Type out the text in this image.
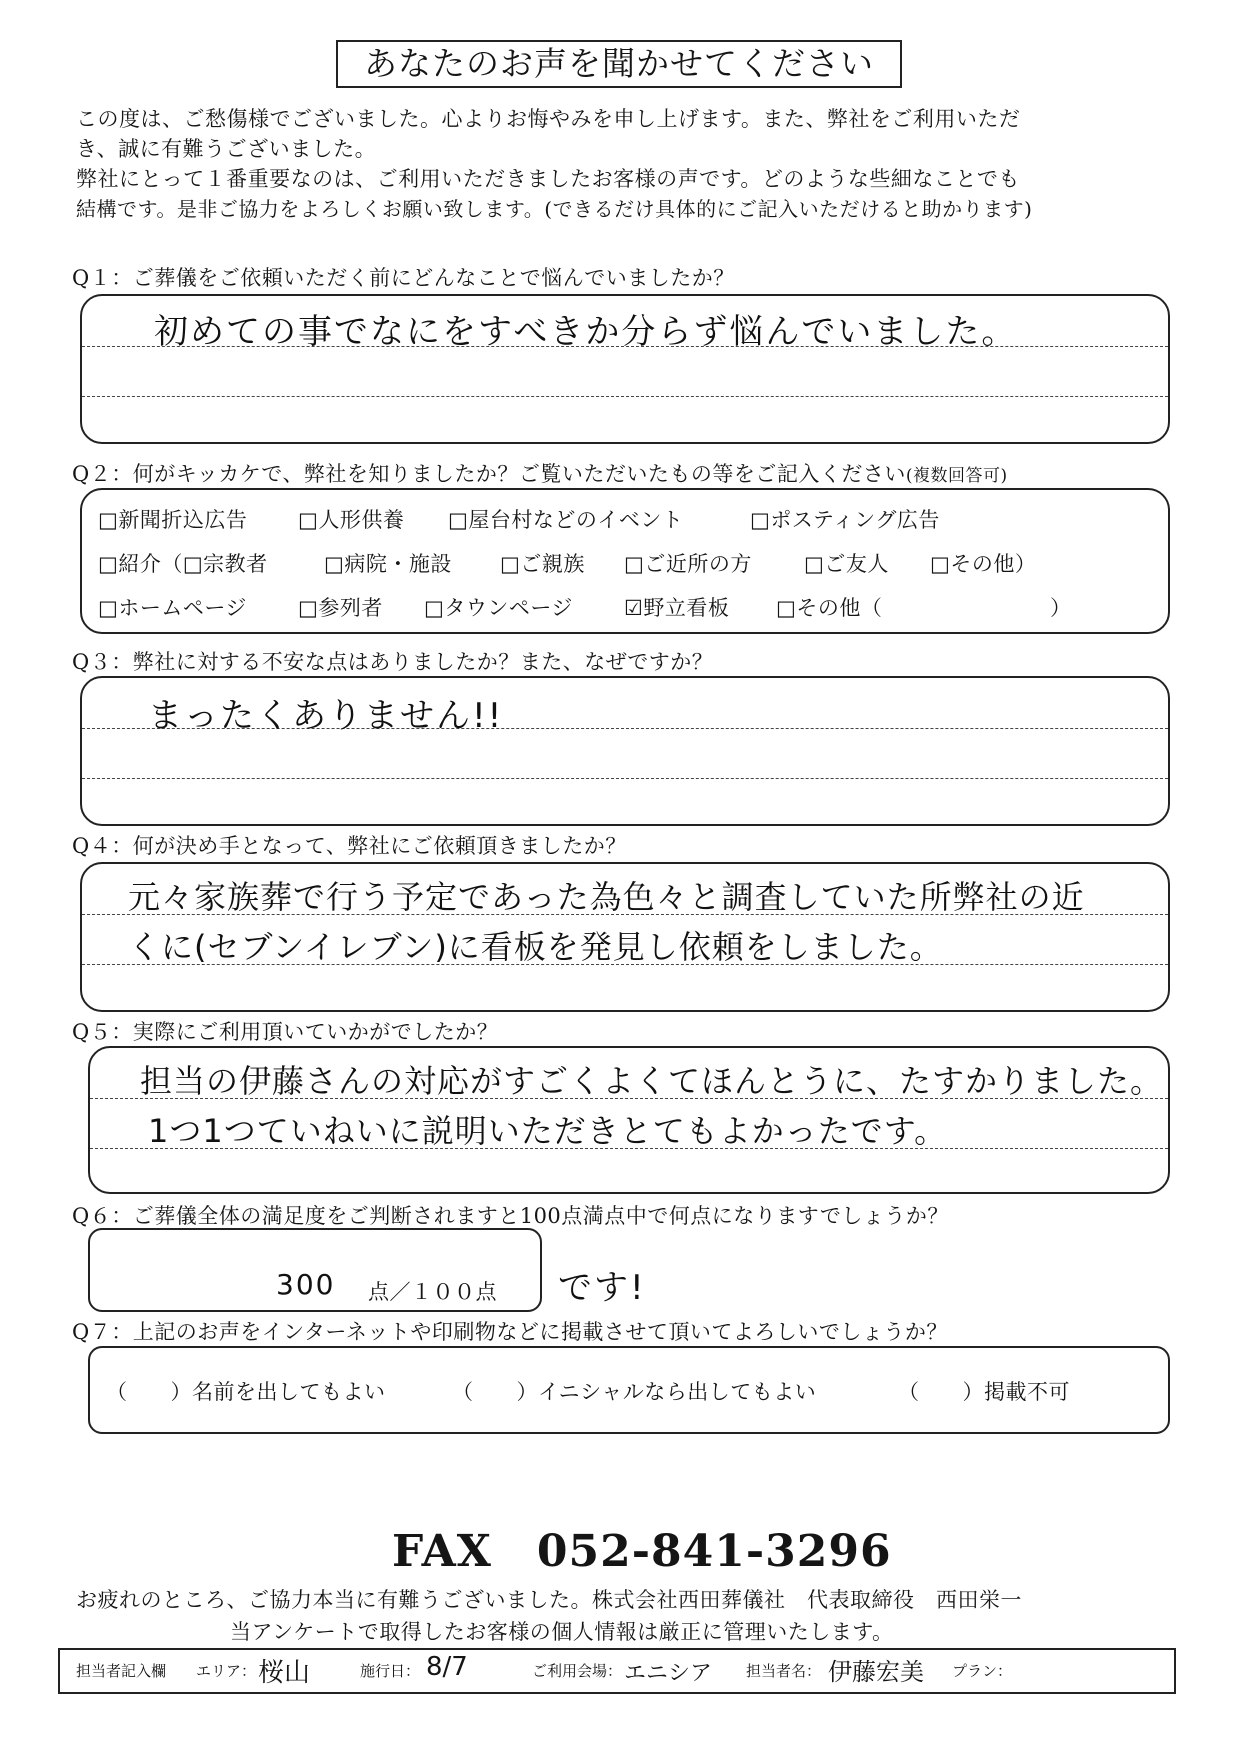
あなたのお声を聞かせてください
この度は、ご愁傷様でございました。心よりお悔やみを申し上げます。また、弊社をご利用いただ
き、誠に有難うございました。
弊社にとって１番重要なのは、ご利用いただきましたお客様の声です。どのような些細なことでも
結構です。是非ご協力をよろしくお願い致します。(できるだけ具体的にご記入いただけると助かります)
Q１：ご葬儀をご依頼いただく前にどんなことで悩んでいましたか？
初めての事でなにをすべきか分らず悩んでいました。
Q２：何がキッカケで、弊社を知りましたか？ご覧いただいたもの等をご記入ください(複数回答可)
□新聞折込広告 □人形供養 □屋台村などのイベント	□ポスティング広告
□紹介（□宗教者	□病院・施設 □ご親族 □ご近所の方 □ご友人 □その他）
□ホームページ □参列者 □タウンページ ☑野立看板 □その他（	）
Q３：弊社に対する不安な点はありましたか？また、なぜですか？
まったくありません!!
Q４：何が決め手となって、弊社にご依頼頂きましたか？
元々家族葬で行う予定であった為色々と調査していた所弊社の近
くに(セブンイレブン)に看板を発見し依頼をしました。
Q５：実際にご利用頂いていかがでしたか？
担当の伊藤さんの対応がすごくよくてほんとうに、たすかりました。
1つ1つていねいに説明いただきとてもよかったです。
Q６：ご葬儀全体の満足度をご判断されますと100点満点中で何点になりますでしょうか？
300 点／１００点 です!
Q７：上記のお声をインターネットや印刷物などに掲載させて頂いてよろしいでしょうか？
（　　）名前を出してもよい	（　　）イニシャルなら出してもよい	（　　）掲載不可
FAX　052-841-3296
お疲れのところ、ご協力本当に有難うございました。株式会社西田葬儀社　代表取締役　西田栄一
当アンケートで取得したお客様の個人情報は厳正に管理いたします。
担当者記入欄 エリア： 桜山	施行日： 8/7	ご利用会場： エニシア 担当者名： 伊藤宏美 プラン：
